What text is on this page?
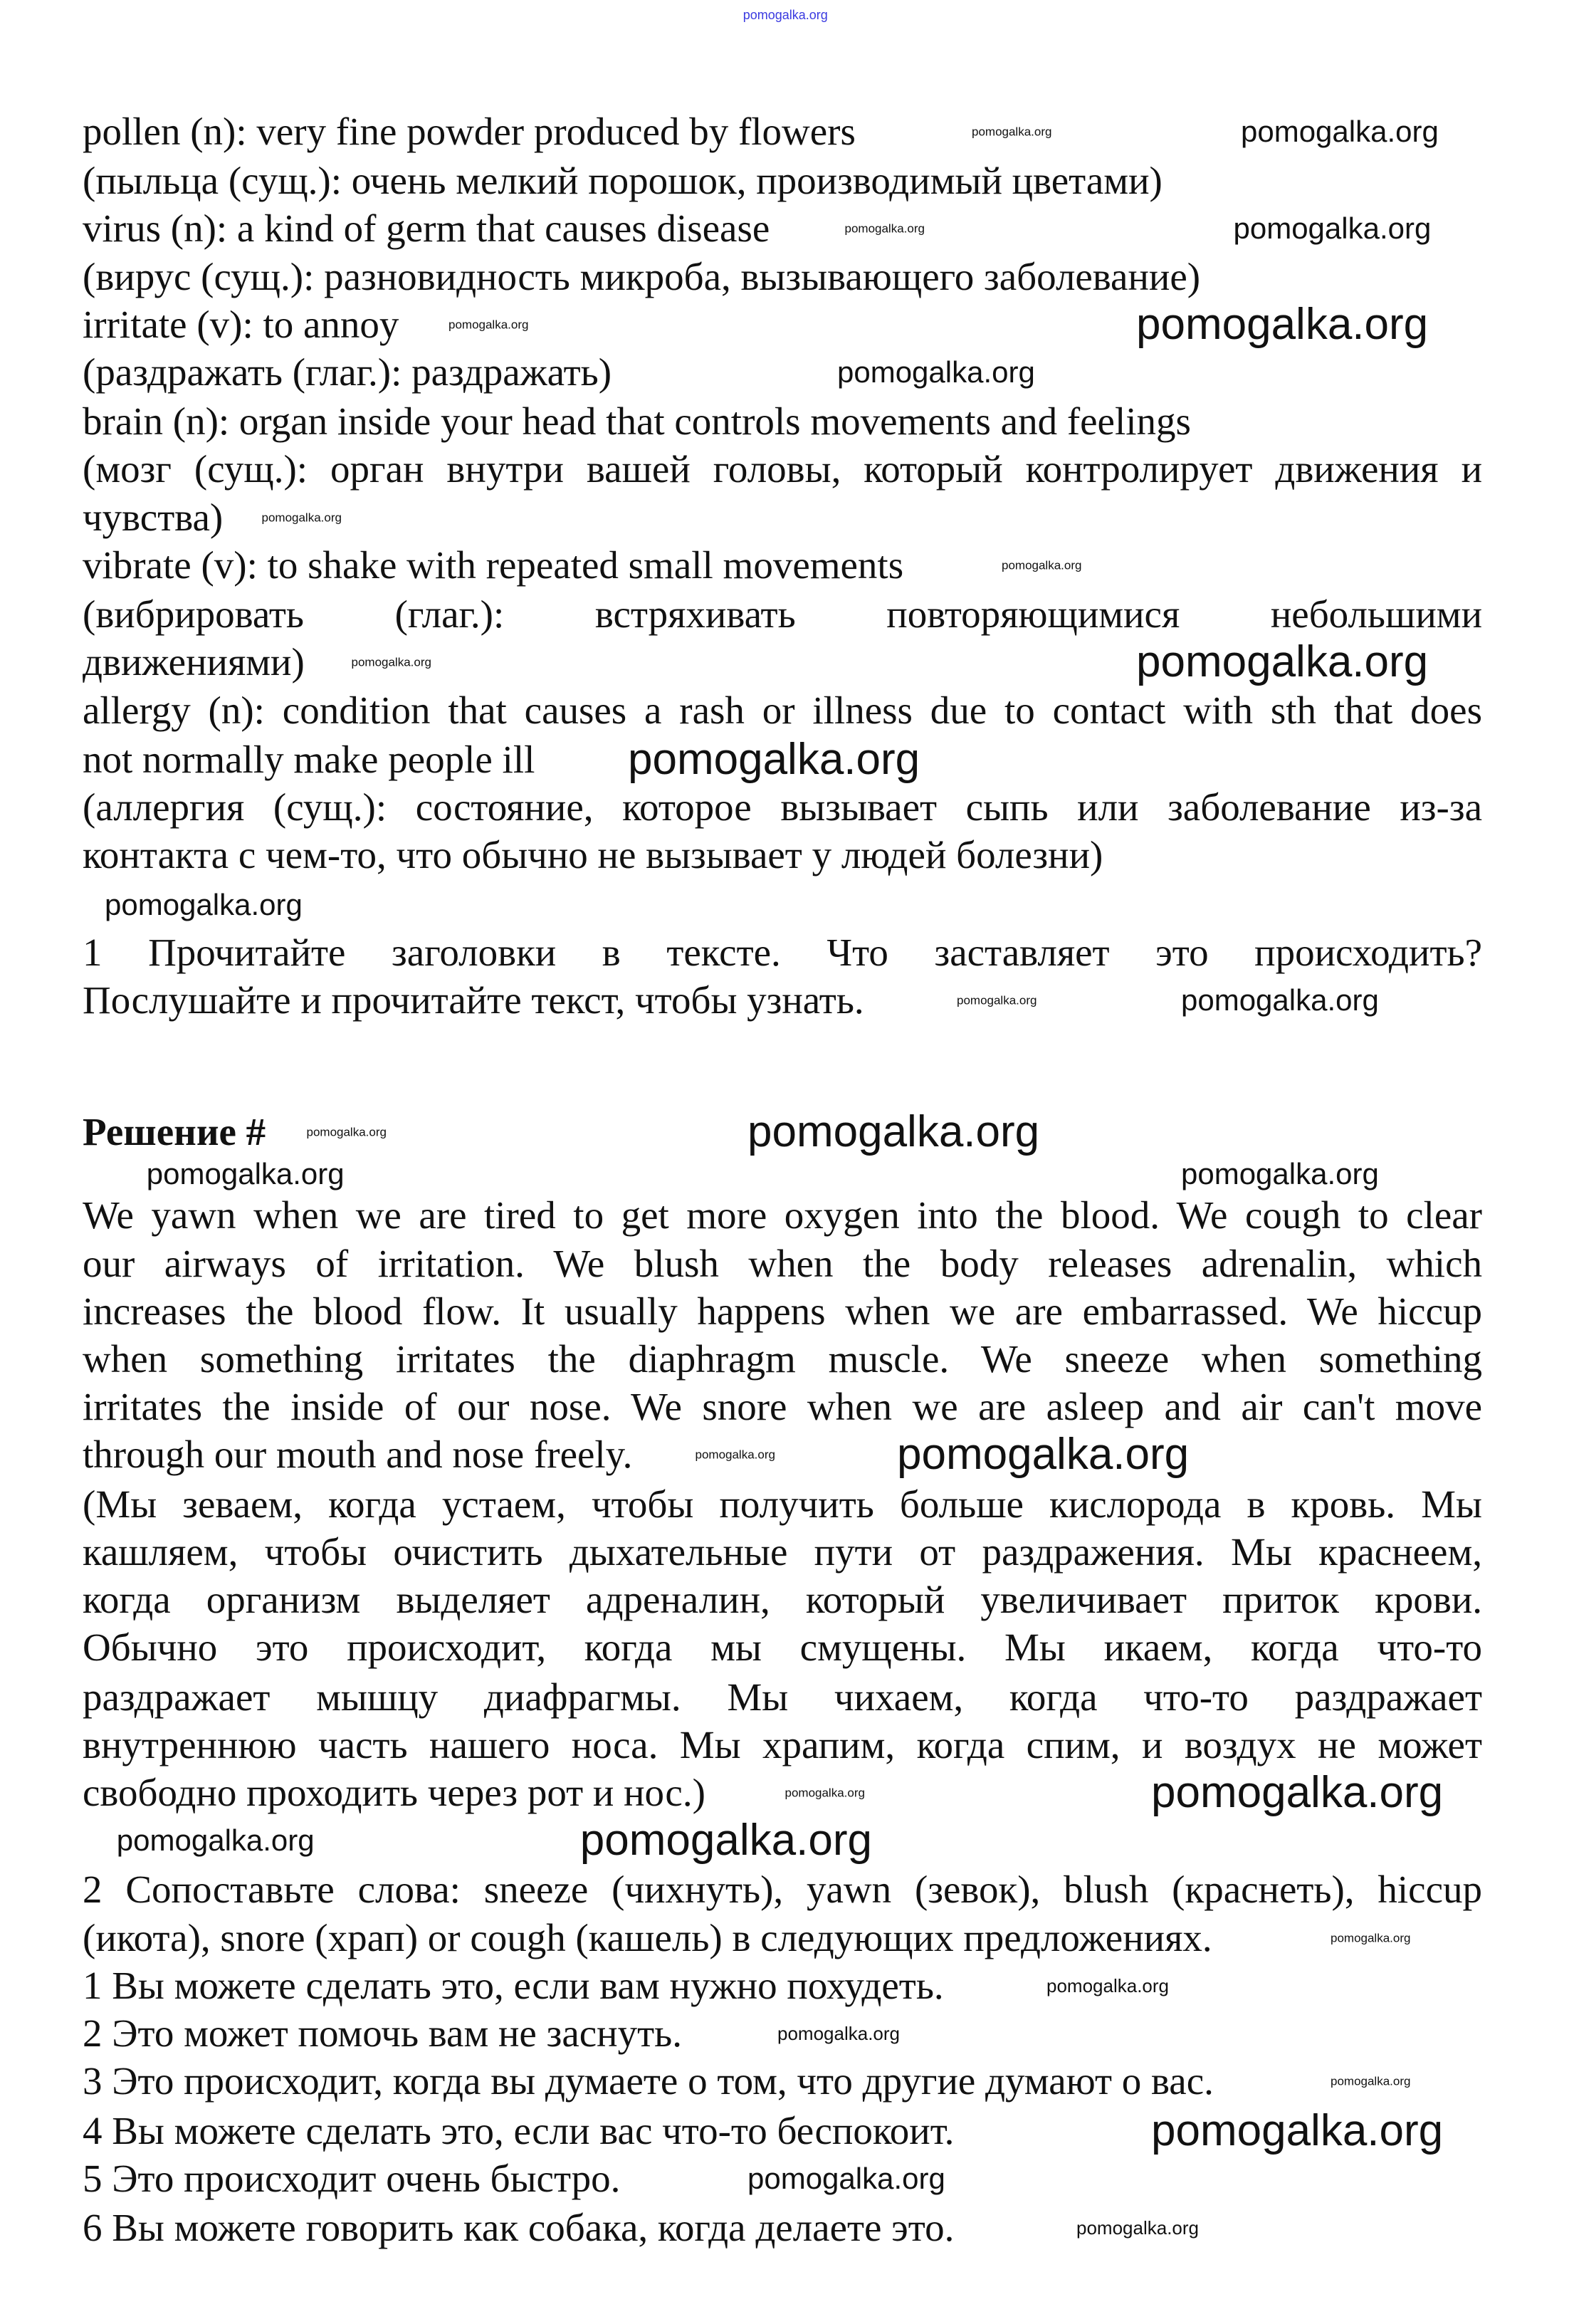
pollen (n): very fine powder produced by flowers
(пыльца (сущ.): очень мелкий порошок, производимый цветами)
virus (n): a kind of germ that causes disease
(вирус (сущ.): разновидность микроба, вызывающего заболевание)
irritate (v): to annoy
(раздражать (глаг.): раздражать)
brain (n): organ inside your head that controls movements and feelings
(мозг (сущ.): орган внутри вашей головы, который контролирует движения и
чувства)
vibrate (v): to shake with repeated small movements
(вибрировать (глаг.): встряхивать повторяющимися небольшими
движениями)
allergy (n): condition that causes a rash or illness due to contact with sth that does
not normally make people ill
(аллергия (сущ.): состояние, которое вызывает сыпь или заболевание из-за
контакта с чем-то, что обычно не вызывает у людей болезни)
1 Прочитайте заголовки в тексте. Что заставляет это происходить?
Послушайте и прочитайте текст, чтобы узнать.
Решение #
We yawn when we are tired to get more oxygen into the blood. We cough to clear
our airways of irritation. We blush when the body releases adrenalin, which
increases the blood flow. It usually happens when we are embarrassed. We hiccup
when something irritates the diaphragm muscle. We sneeze when something
irritates the inside of our nose. We snore when we are asleep and air can't move
through our mouth and nose freely.
(Мы зеваем, когда устаем, чтобы получить больше кислорода в кровь. Мы
кашляем, чтобы очистить дыхательные пути от раздражения. Мы краснеем,
когда организм выделяет адреналин, который увеличивает приток крови.
Обычно это происходит, когда мы смущены. Мы икаем, когда что-то
раздражает мышцу диафрагмы. Мы чихаем, когда что-то раздражает
внутреннюю часть нашего носа. Мы храпим, когда спим, и воздух не может
свободно проходить через рот и нос.)
2 Сопоставьте слова: sneeze (чихнуть), yawn (зевок), blush (краснеть), hiccup
(икота), snore (храп) or cough (кашель) в следующих предложениях.
1 Вы можете сделать это, если вам нужно похудеть.
2 Это может помочь вам не заснуть.
3 Это происходит, когда вы думаете о том, что другие думают о вас.
4 Вы можете сделать это, если вас что-то беспокоит.
5 Это происходит очень быстро.
6 Вы можете говорить как собака, когда делаете это.
pomogalka.org
pomogalka.org
pomogalka.org
pomogalka.org
pomogalka.org
pomogalka.org
pomogalka.org
pomogalka.org
pomogalka.org
pomogalka.org
pomogalka.org
pomogalka.org
pomogalka.org
pomogalka.org
pomogalka.org
pomogalka.org
pomogalka.org
pomogalka.org
pomogalka.org	pomogalka.org
pomogalka.org
pomogalka.org
pomogalka.org
pomogalka.org
pomogalka.org	pomogalka.org
pomogalka.org
pomogalka.org
pomogalka.org
pomogalka.org
pomogalka.org
pomogalka.org
pomogalka.org
